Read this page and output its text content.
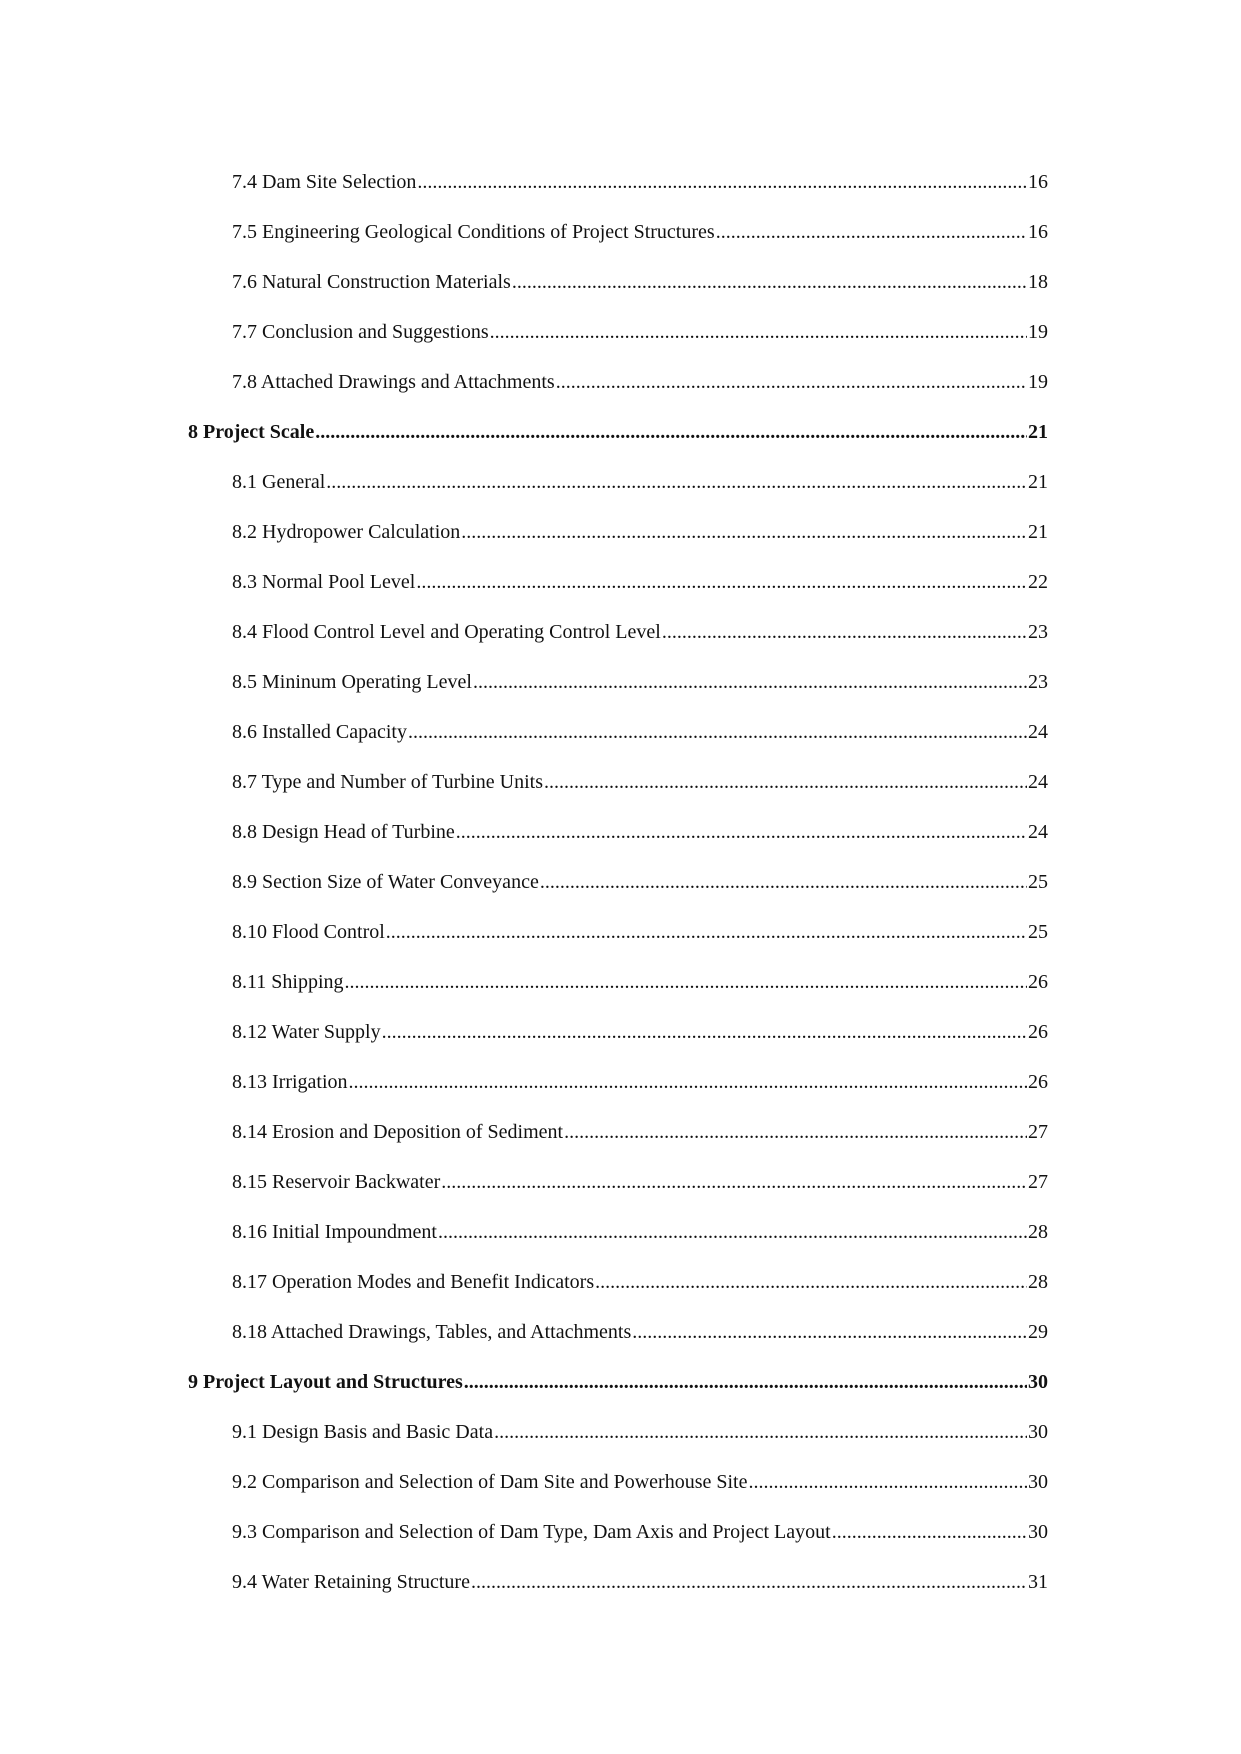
7.4 Dam Site Selection .....	16
7.5 Engineering Geological Conditions of Project Structures .....	16
7.6 Natural Construction Materials .....	18
7.7 Conclusion and Suggestions .....	19
7.8 Attached Drawings and Attachments .....	19
8 Project Scale .....	21
8.1 General .....	21
8.2 Hydropower Calculation .....	21
8.3 Normal Pool Level .....	22
8.4 Flood Control Level and Operating Control Level .....	23
8.5 Mininum Operating Level .....	23
8.6 Installed Capacity .....	24
8.7 Type and Number of Turbine Units .....	24
8.8 Design Head of Turbine .....	24
8.9 Section Size of Water Conveyance .....	25
8.10 Flood Control .....	25
8.11 Shipping .....	26
8.12 Water Supply .....	26
8.13 Irrigation .....	26
8.14 Erosion and Deposition of Sediment .....	27
8.15 Reservoir Backwater .....	27
8.16 Initial Impoundment .....	28
8.17 Operation Modes and Benefit Indicators .....	28
8.18 Attached Drawings, Tables, and Attachments .....	29
9 Project Layout and Structures .....	30
9.1 Design Basis and Basic Data .....	30
9.2 Comparison and Selection of Dam Site and Powerhouse Site .....	30
9.3 Comparison and Selection of Dam Type, Dam Axis and Project Layout .....	30
9.4 Water Retaining Structure .....	31
